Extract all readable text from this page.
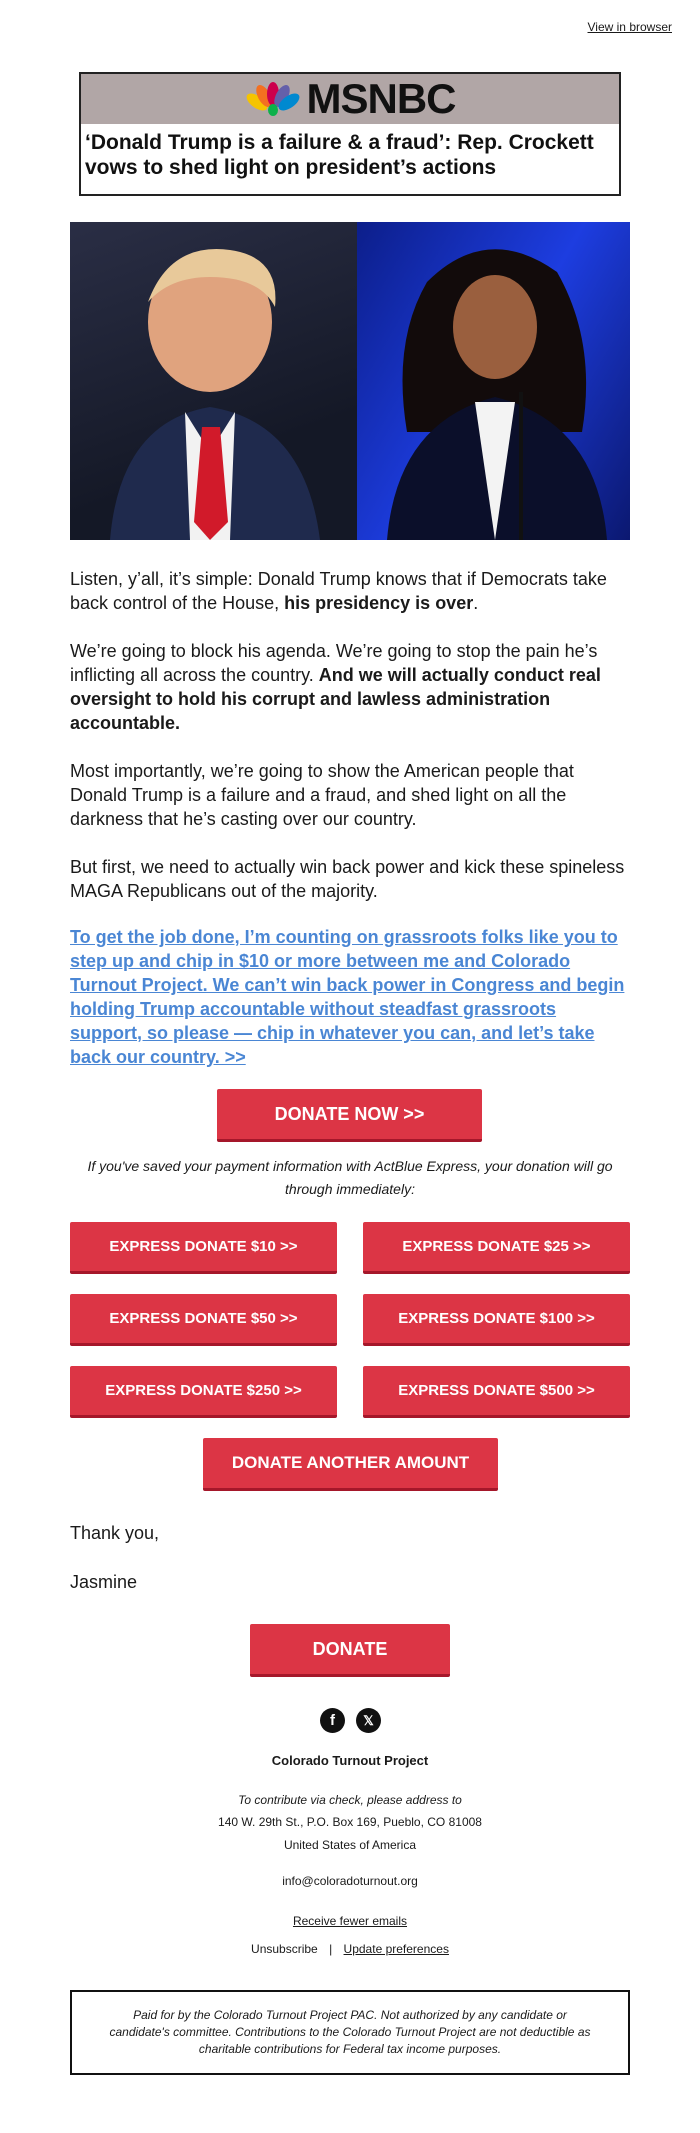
View in browser
MSNBC
‘Donald Trump is a failure & a fraud’: Rep. Crockett vows to shed light on president’s actions

Listen, y’all, it’s simple: Donald Trump knows that if Democrats take back control of the House, his presidency is over.

We’re going to block his agenda. We’re going to stop the pain he’s inflicting all across the country. And we will actually conduct real oversight to hold his corrupt and lawless administration accountable.

Most importantly, we’re going to show the American people that Donald Trump is a failure and a fraud, and shed light on all the darkness that he’s casting over our country.

But first, we need to actually win back power and kick these spineless MAGA Republicans out of the majority.

To get the job done, I’m counting on grassroots folks like you to step up and chip in $10 or more between me and Colorado Turnout Project. We can’t win back power in Congress and begin holding Trump accountable without steadfast grassroots support, so please — chip in whatever you can, and let’s take back our country. >>

DONATE NOW >>
If you've saved your payment information with ActBlue Express, your donation will go through immediately:
EXPRESS DONATE $10 >>	EXPRESS DONATE $25 >>
EXPRESS DONATE $50 >>	EXPRESS DONATE $100 >>
EXPRESS DONATE $250 >>	EXPRESS DONATE $500 >>
DONATE ANOTHER AMOUNT

Thank you,

Jasmine

DONATE
f	𝕏
Colorado Turnout Project
To contribute via check, please address to
140 W. 29th St., P.O. Box 169, Pueblo, CO 81008
United States of America
info@coloradoturnout.org
Receive fewer emails
Unsubscribe | Update preferences
Paid for by the Colorado Turnout Project PAC. Not authorized by any candidate or candidate's committee. Contributions to the Colorado Turnout Project are not deductible as charitable contributions for Federal tax income purposes.
